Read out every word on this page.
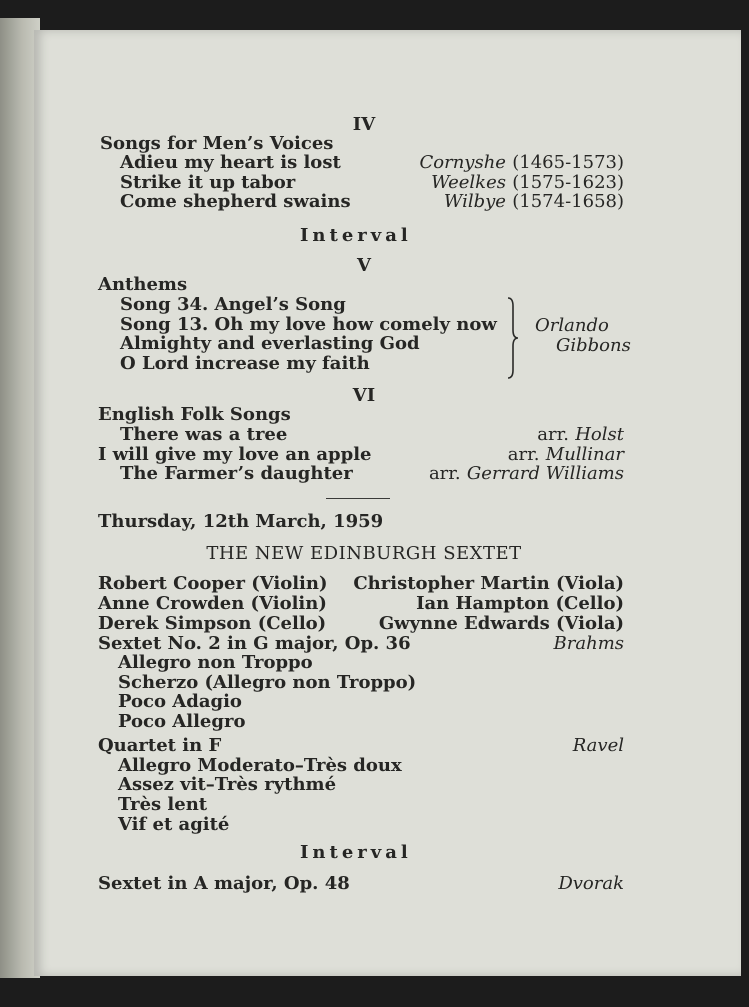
IV
Songs for Men’s Voices
Adieu my heart is lost	Cornyshe (1465-1573)
Strike it up tabor	Weelkes (1575-1623)
Come shepherd swains	Wilbye (1574-1658)
Interval
V
Anthems
Song 34. Angel’s Song
Song 13. Oh my love how comely now
Almighty and everlasting God
O Lord increase my faith
Orlando
Gibbons
VI
English Folk Songs
There was a tree	arr. Holst
I will give my love an apple	arr. Mullinar
The Farmer’s daughter	arr. Gerrard Williams
Thursday, 12th March, 1959
THE NEW EDINBURGH SEXTET
Robert Cooper (Violin) Christopher Martin (Viola)
Anne Crowden (Violin)	Ian Hampton (Cello)
Derek Simpson (Cello)	Gwynne Edwards (Viola)
Sextet No. 2 in G major, Op. 36	Brahms
Allegro non Troppo
Scherzo (Allegro non Troppo)
Poco Adagio
Poco Allegro
Quartet in F	Ravel
Allegro Moderato–Très doux
Assez vit–Très rythmé
Très lent
Vif et agité
Interval
Sextet in A major, Op. 48	Dvorak
